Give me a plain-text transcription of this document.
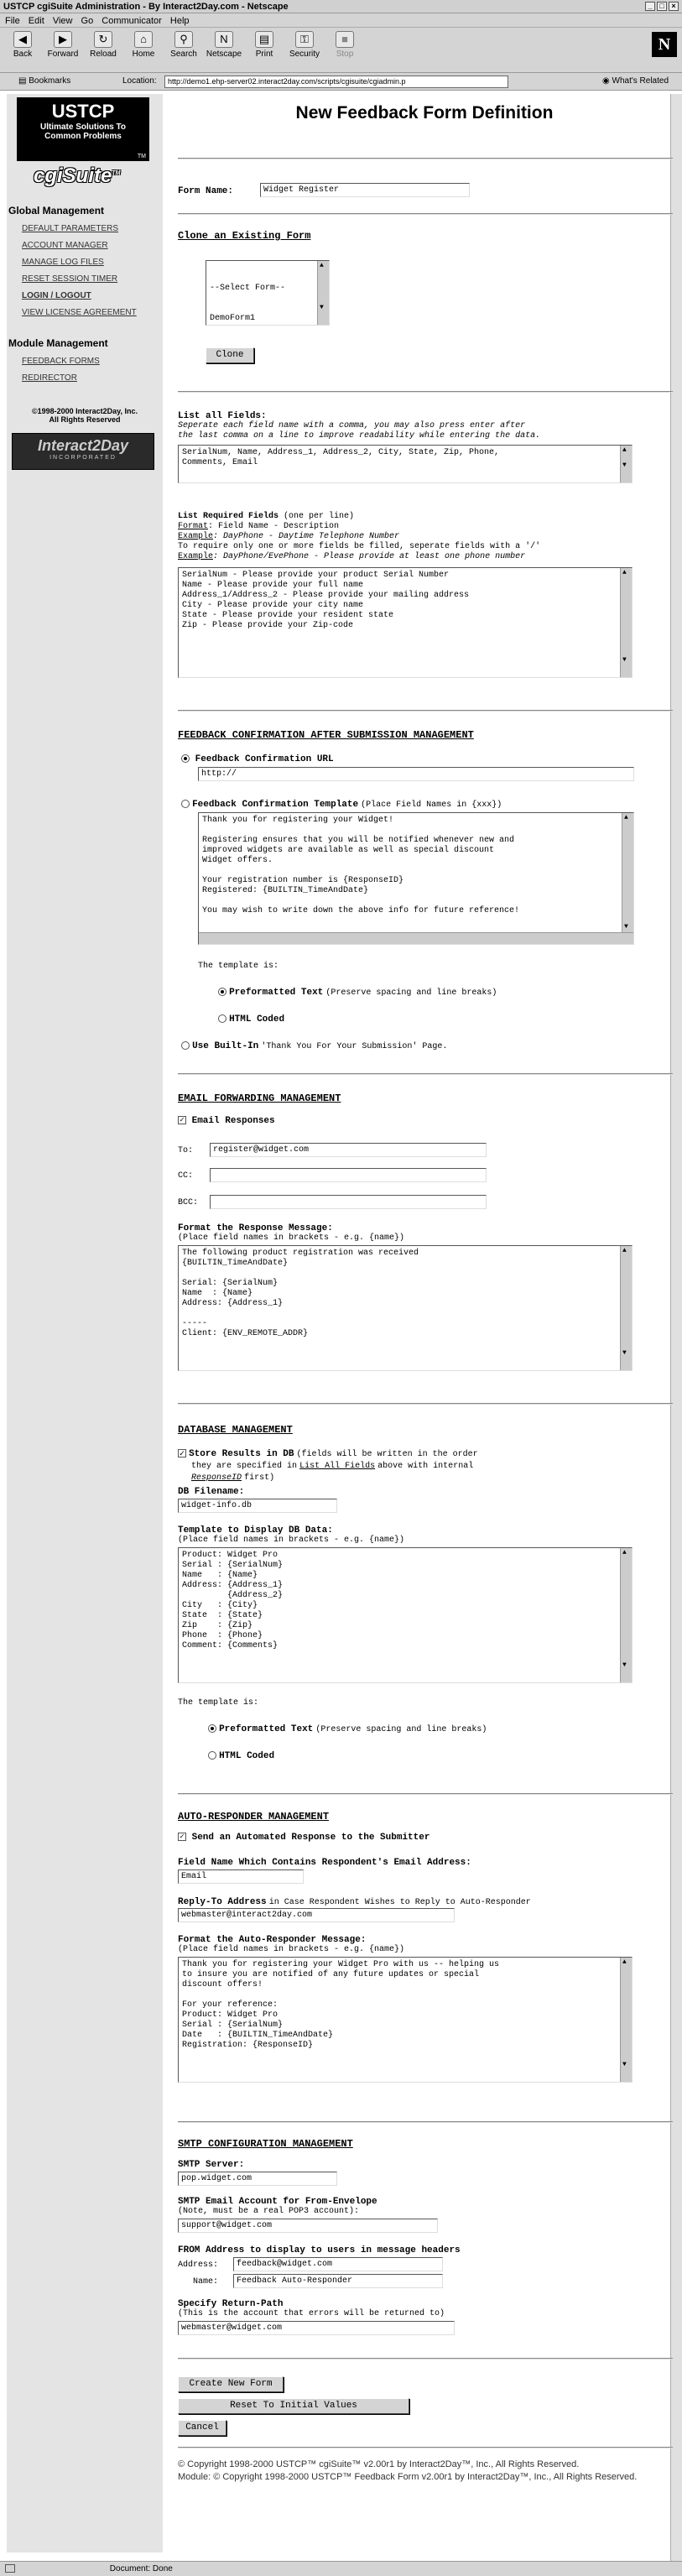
USTCP cgiSuite Administration - By Interact2Day.com - Netscape	_ □ ×
File Edit View Go Communicator Help
◀
Back
▶
Forward
↻
Reload
⌂
Home
⚲
Search
N
Netscape
▤
Print
⚿
Security
■
Stop
N
▤ Bookmarks	Location:	http://demo1.ehp-server02.interact2day.com/scripts/cgisuite/cgiadmin.p	◉ What's Related
USTCP
Ultimate Solutions To
Common Problems
TM
cgiSuite™
Global Management
DEFAULT PARAMETERS
ACCOUNT MANAGER
MANAGE LOG FILES
RESET SESSION TIMER
LOGIN / LOGOUT
VIEW LICENSE AGREEMENT
Module Management
FEEDBACK FORMS
REDIRECTOR
©1998-2000 Interact2Day, Inc.
All Rights Reserved
Interact2Day
INCORPORATED
New Feedback Form Definition
Form Name:	Widget Register
Clone an Existing Form

--Select Form--

DemoForm1

▲  ▼

Clone
List all Fields:
Seperate each field name with a comma, you may also press enter after
the last comma on a line to improve readability while entering the data.
SerialNum, Name, Address_1, Address_2, City, State, Zip, Phone,
Comments, Email
▲  ▼
List Required Fields (one per line)
Format: Field Name - Description
Example: DayPhone - Daytime Telephone Number
To require only one or more fields be filled, seperate fields with a '/'
Example: DayPhone/EvePhone - Please provide at least one phone number
SerialNum - Please provide your product Serial Number
Name - Please provide your full name
Address_1/Address_2 - Please provide your mailing address
City - Please provide your city name
State - Please provide your resident state
Zip - Please provide your Zip-code
▲  ▼
FEEDBACK CONFIRMATION AFTER SUBMISSION MANAGEMENT
Feedback Confirmation URL
http://
Feedback Confirmation Template (Place Field Names in {xxx})
Thank you for registering your Widget!

Registering ensures that you will be notified whenever new and
improved widgets are available as well as special discount
Widget offers.

Your registration number is {ResponseID}
Registered: {BUILTIN_TimeAndDate}

You may wish to write down the above info for future reference!
▲  ▼
The template is:
Preformatted Text (Preserve spacing and line breaks)
HTML Coded
Use Built-In 'Thank You For Your Submission' Page.
EMAIL FORWARDING MANAGEMENT
✓ Email Responses
To:	register@widget.com
CC:
BCC:
Format the Response Message:
(Place field names in brackets - e.g. {name})
The following product registration was received
{BUILTIN_TimeAndDate}

Serial: {SerialNum}
Name  : {Name}
Address: {Address_1}

-----
Client: {ENV_REMOTE_ADDR}
▲  ▼
DATABASE MANAGEMENT
✓ Store Results in DB (fields will be written in the order
they are specified in List All Fields above with internal
ResponseID first)
DB Filename:
widget-info.db
Template to Display DB Data:
(Place field names in brackets - e.g. {name})
Product: Widget Pro
Serial : {SerialNum}
Name   : {Name}
Address: {Address_1}
{Address_2}
City   : {City}
State  : {State}
Zip    : {Zip}
Phone  : {Phone}
Comment: {Comments}
▲  ▼
The template is:
Preformatted Text (Preserve spacing and line breaks)
HTML Coded
AUTO-RESPONDER MANAGEMENT
✓ Send an Automated Response to the Submitter
Field Name Which Contains Respondent's Email Address:
Email
Reply-To Address in Case Respondent Wishes to Reply to Auto-Responder
webmaster@interact2day.com
Format the Auto-Responder Message:
(Place field names in brackets - e.g. {name})
Thank you for registering your Widget Pro with us -- helping us
to insure you are notified of any future updates or special
discount offers!

For your reference:
Product: Widget Pro
Serial : {SerialNum}
Date   : {BUILTIN_TimeAndDate}
Registration: {ResponseID}
▲  ▼
SMTP CONFIGURATION MANAGEMENT
SMTP Server:
pop.widget.com
SMTP Email Account for From-Envelope
(Note, must be a real POP3 account):
support@widget.com
FROM Address to display to users in message headers
Address:	feedback@widget.com
Name:	Feedback Auto-Responder
Specify Return-Path
(This is the account that errors will be returned to)
webmaster@widget.com
Create New Form
Reset To Initial Values
Cancel
© Copyright 1998-2000 USTCP™ cgiSuite™ v2.00r1 by Interact2Day™, Inc., All Rights Reserved.
Module: © Copyright 1998-2000 USTCP™ Feedback Form v2.00r1 by Interact2Day™, Inc., All Rights Reserved.
Document: Done
